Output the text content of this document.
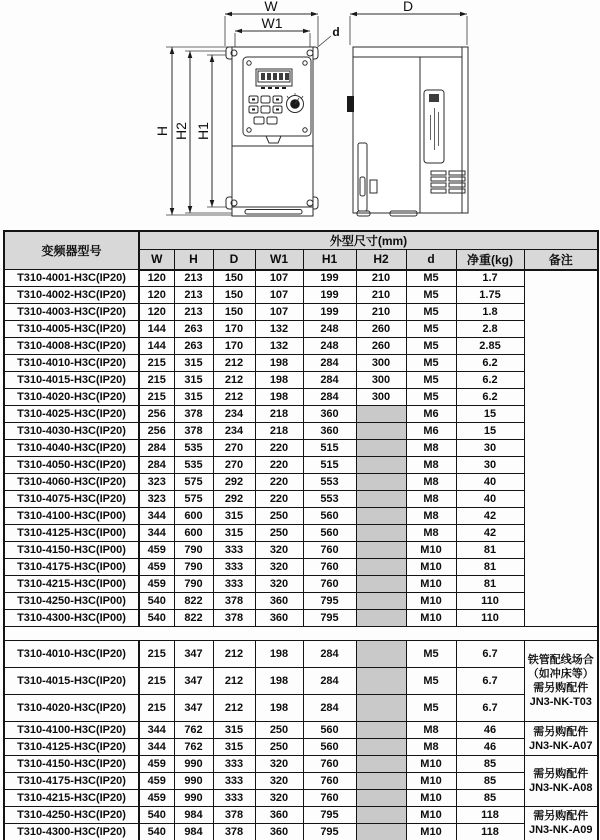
W
W1
d
H H2 H1
D
变频器型号	外型尺寸(mm)								
	W	H	D	W1	H1	H2	d	净重(kg)	备注
T310-4001-H3C(IP20)	120	213	150	107	199	210	M5	1.7	
T310-4002-H3C(IP20)	120	213	150	107	199	210	M5	1.75	
T310-4003-H3C(IP20)	120	213	150	107	199	210	M5	1.8	
T310-4005-H3C(IP20)	144	263	170	132	248	260	M5	2.8	
T310-4008-H3C(IP20)	144	263	170	132	248	260	M5	2.85	
T310-4010-H3C(IP20)	215	315	212	198	284	300	M5	6.2	
T310-4015-H3C(IP20)	215	315	212	198	284	300	M5	6.2	
T310-4020-H3C(IP20)	215	315	212	198	284	300	M5	6.2	
T310-4025-H3C(IP20)	256	378	234	218	360		M6	15	
T310-4030-H3C(IP20)	256	378	234	218	360		M6	15	
T310-4040-H3C(IP20)	284	535	270	220	515		M8	30	
T310-4050-H3C(IP20)	284	535	270	220	515		M8	30	
T310-4060-H3C(IP20)	323	575	292	220	553		M8	40	
T310-4075-H3C(IP20)	323	575	292	220	553		M8	40	
T310-4100-H3C(IP00)	344	600	315	250	560		M8	42	
T310-4125-H3C(IP00)	344	600	315	250	560		M8	42	
T310-4150-H3C(IP00)	459	790	333	320	760		M10	81	
T310-4175-H3C(IP00)	459	790	333	320	760		M10	81	
T310-4215-H3C(IP00)	459	790	333	320	760		M10	81	
T310-4250-H3C(IP00)	540	822	378	360	795		M10	110	
T310-4300-H3C(IP00)	540	822	378	360	795		M10	110	

T310-4010-H3C(IP20)	215	347	212	198	284		M5	6.7	铁管配线场合
（如冲床等）
需另购配件
JN3-NK-T03

T310-4015-H3C(IP20)	215	347	212	198	284		M5	6.7	
T310-4020-H3C(IP20)	215	347	212	198	284		M5	6.7	
T310-4100-H3C(IP20)	344	762	315	250	560		M8	46	需另购配件
JN3-NK-A07

T310-4125-H3C(IP20)	344	762	315	250	560		M8	46	
T310-4150-H3C(IP20)	459	990	333	320	760		M10	85	需另购配件
JN3-NK-A08

T310-4175-H3C(IP20)	459	990	333	320	760		M10	85	
T310-4215-H3C(IP20)	459	990	333	320	760		M10	85	
T310-4250-H3C(IP20)	540	984	378	360	795		M10	118	需另购配件
JN3-NK-A09

T310-4300-H3C(IP20)	540	984	378	360	795		M10	118	
